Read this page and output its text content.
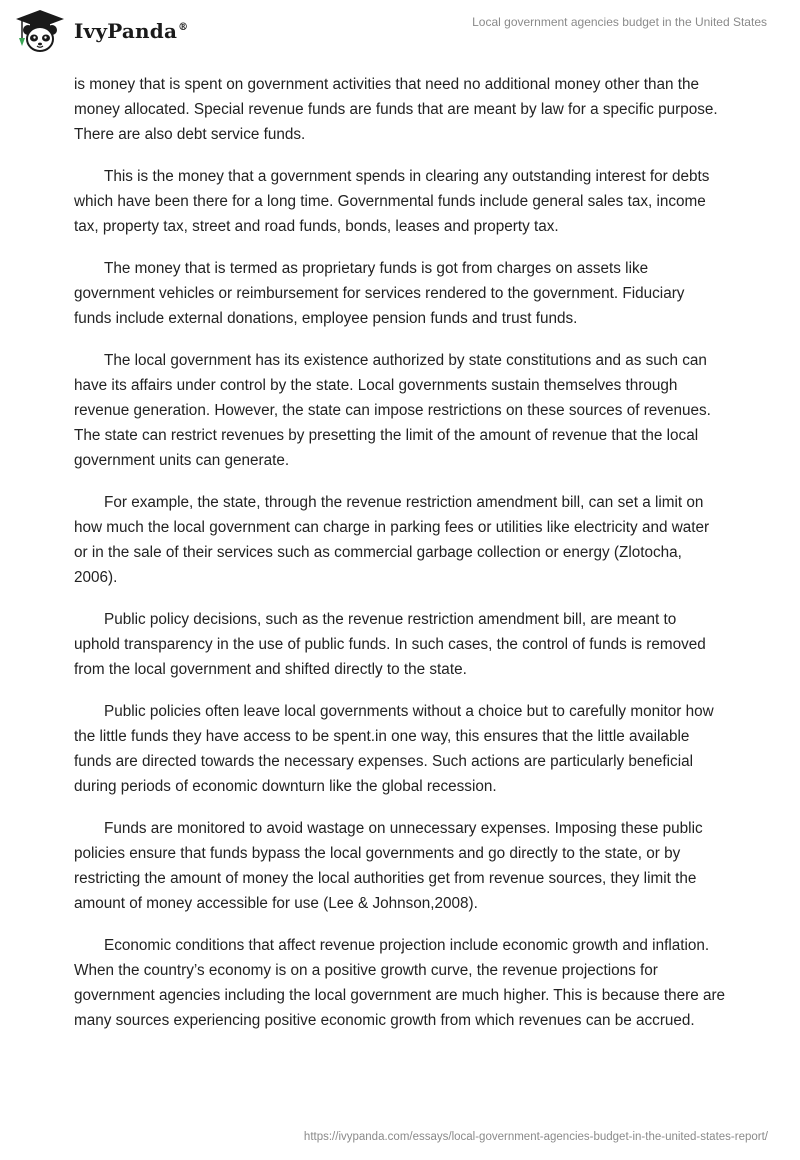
IvyPanda®	Local government agencies budget in the United States

is money that is spent on government activities that need no additional money other than the money allocated. Special revenue funds are funds that are meant by law for a specific purpose. There are also debt service funds.

This is the money that a government spends in clearing any outstanding interest for debts which have been there for a long time. Governmental funds include general sales tax, income tax, property tax, street and road funds, bonds, leases and property tax.

The money that is termed as proprietary funds is got from charges on assets like government vehicles or reimbursement for services rendered to the government. Fiduciary funds include external donations, employee pension funds and trust funds.

The local government has its existence authorized by state constitutions and as such can have its affairs under control by the state. Local governments sustain themselves through revenue generation. However, the state can impose restrictions on these sources of revenues. The state can restrict revenues by presetting the limit of the amount of revenue that the local government units can generate.

For example, the state, through the revenue restriction amendment bill, can set a limit on how much the local government can charge in parking fees or utilities like electricity and water or in the sale of their services such as commercial garbage collection or energy (Zlotocha, 2006).

Public policy decisions, such as the revenue restriction amendment bill, are meant to uphold transparency in the use of public funds. In such cases, the control of funds is removed from the local government and shifted directly to the state.

Public policies often leave local governments without a choice but to carefully monitor how the little funds they have access to be spent.in one way, this ensures that the little available funds are directed towards the necessary expenses. Such actions are particularly beneficial during periods of economic downturn like the global recession.

Funds are monitored to avoid wastage on unnecessary expenses. Imposing these public policies ensure that funds bypass the local governments and go directly to the state, or by restricting the amount of money the local authorities get from revenue sources, they limit the amount of money accessible for use (Lee & Johnson,2008).

Economic conditions that affect revenue projection include economic growth and inflation. When the country’s economy is on a positive growth curve, the revenue projections for government agencies including the local government are much higher. This is because there are many sources experiencing positive economic growth from which revenues can be accrued.

https://ivypanda.com/essays/local-government-agencies-budget-in-the-united-states-report/
